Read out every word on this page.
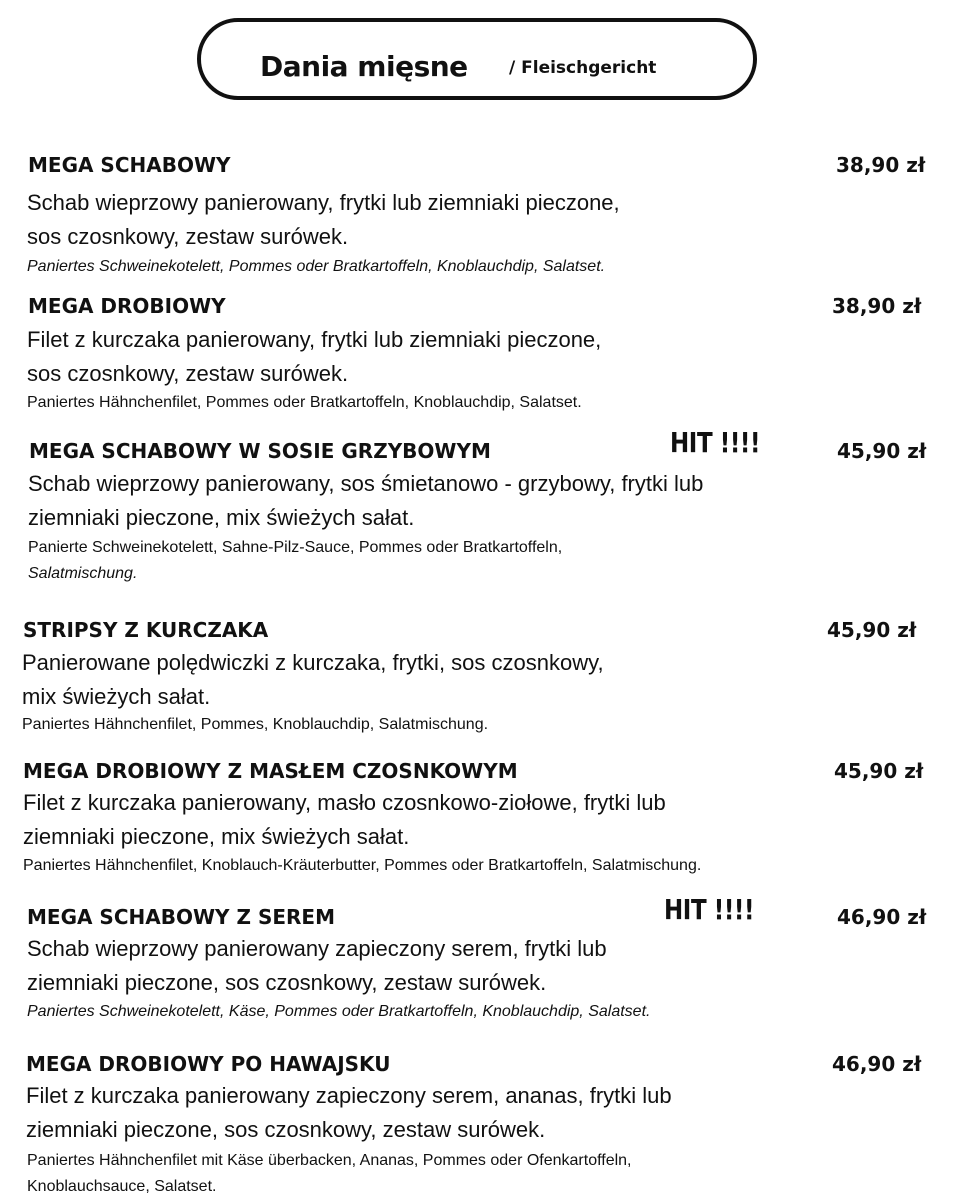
Dania mięsne / Fleischgericht
MEGA SCHABOWY	38,90 zł
Schab wieprzowy panierowany, frytki lub ziemniaki pieczone,
sos czosnkowy, zestaw surówek.
Paniertes Schweinekotelett, Pommes oder Bratkartoffeln, Knoblauchdip, Salatset.
MEGA DROBIOWY	38,90 zł
Filet z kurczaka panierowany, frytki lub ziemniaki pieczone,
sos czosnkowy, zestaw surówek.
Paniertes Hähnchenfilet, Pommes oder Bratkartoffeln, Knoblauchdip, Salatset.
MEGA SCHABOWY W SOSIE GRZYBOWYM	HIT !!!!	45,90 zł
Schab wieprzowy panierowany, sos śmietanowo - grzybowy, frytki lub
ziemniaki pieczone, mix świeżych sałat.
Panierte Schweinekotelett, Sahne-Pilz-Sauce, Pommes oder Bratkartoffeln,
Salatmischung.
STRIPSY Z KURCZAKA	45,90 zł
Panierowane polędwiczki z kurczaka, frytki, sos czosnkowy,
mix świeżych sałat.
Paniertes Hähnchenfilet, Pommes, Knoblauchdip, Salatmischung.
MEGA DROBIOWY Z MASŁEM CZOSNKOWYM	45,90 zł
Filet z kurczaka panierowany, masło czosnkowo-ziołowe, frytki lub
ziemniaki pieczone, mix świeżych sałat.
Paniertes Hähnchenfilet, Knoblauch-Kräuterbutter, Pommes oder Bratkartoffeln, Salatmischung.
MEGA SCHABOWY Z SEREM	HIT !!!!	46,90 zł
Schab wieprzowy panierowany zapieczony serem, frytki lub
ziemniaki pieczone, sos czosnkowy, zestaw surówek.
Paniertes Schweinekotelett, Käse, Pommes oder Bratkartoffeln, Knoblauchdip, Salatset.
MEGA DROBIOWY PO HAWAJSKU	46,90 zł
Filet z kurczaka panierowany zapieczony serem, ananas, frytki lub
ziemniaki pieczone, sos czosnkowy, zestaw surówek.
Paniertes Hähnchenfilet mit Käse überbacken, Ananas, Pommes oder Ofenkartoffeln,
Knoblauchsauce, Salatset.
